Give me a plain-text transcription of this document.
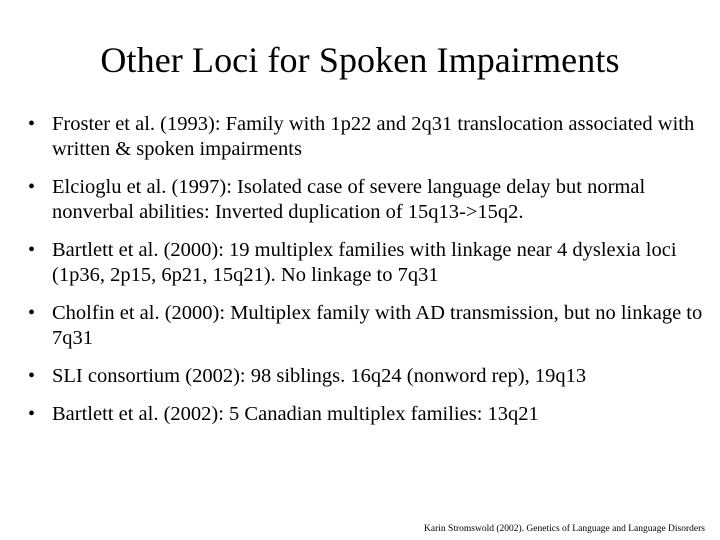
Other Loci for Spoken Impairments
• Froster et al. (1993): Family with 1p22 and 2q31 translocation associated with written & spoken impairments
• Elcioglu et al. (1997): Isolated case of severe language delay but normal nonverbal abilities: Inverted duplication of 15q13->15q2.
• Bartlett et al. (2000): 19 multiplex families with linkage near 4 dyslexia loci (1p36, 2p15, 6p21, 15q21). No linkage to 7q31
• Cholfin et al. (2000): Multiplex family with AD transmission, but no linkage to 7q31
• SLI consortium (2002): 98 siblings. 16q24 (nonword rep), 19q13
• Bartlett et al. (2002): 5 Canadian multiplex families: 13q21
Karin Stromswold (2002). Genetics of Language and Language Disorders
